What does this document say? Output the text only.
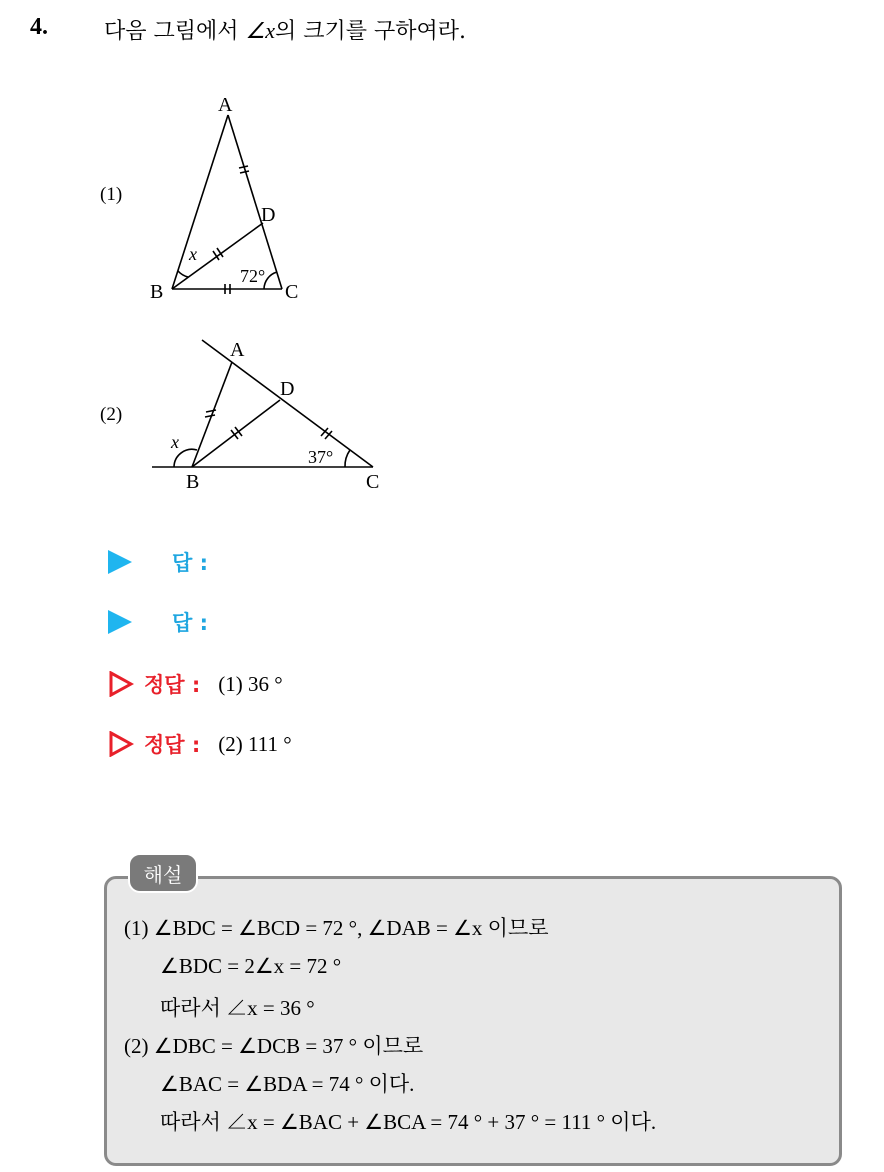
4.	다음 그림에서 ∠x의 크기를 구하여라.
(1)
A
B	C
D
x
72°
(2)
A
B	C
D
x
37°
답 :
답 :
정답 : (1) 36 °
정답 : (2) 111 °
해설
(1) ∠BDC = ∠BCD = 72 °, ∠DAB = ∠x 이므로
∠BDC = 2∠x = 72 °
따라서 ∠x = 36 °
(2) ∠DBC = ∠DCB = 37 ° 이므로
∠BAC = ∠BDA = 74 ° 이다.
따라서 ∠x = ∠BAC + ∠BCA = 74 ° + 37 ° = 111 ° 이다.
